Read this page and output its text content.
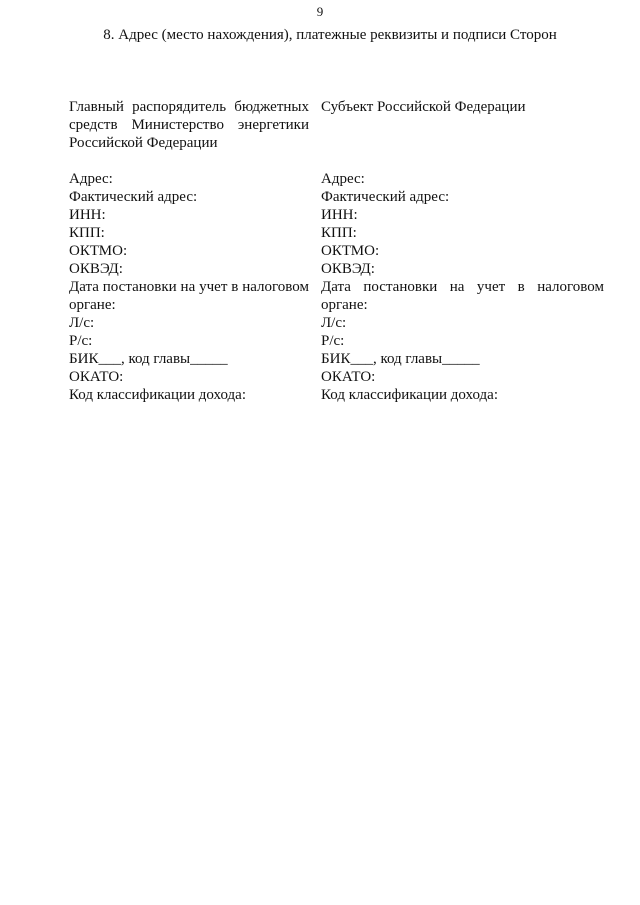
9
8. Адрес (место нахождения), платежные реквизиты и подписи Сторон
Главный распорядитель бюджетных средств Министерство энергетики Российской Федерации
Адрес:
Фактический адрес:
ИНН:
КПП:
ОКТМО:
ОКВЭД:
Дата постановки на учет в налоговом органе:
Л/с:
Р/с:
БИК___, код главы_____
ОКАТО:
Код классификации дохода:
Субъект Российской Федерации
Адрес:
Фактический адрес:
ИНН:
КПП:
ОКТМО:
ОКВЭД:
Дата постановки на учет в налоговом органе:
Л/с:
Р/с:
БИК___, код главы_____
ОКАТО:
Код классификации дохода:
